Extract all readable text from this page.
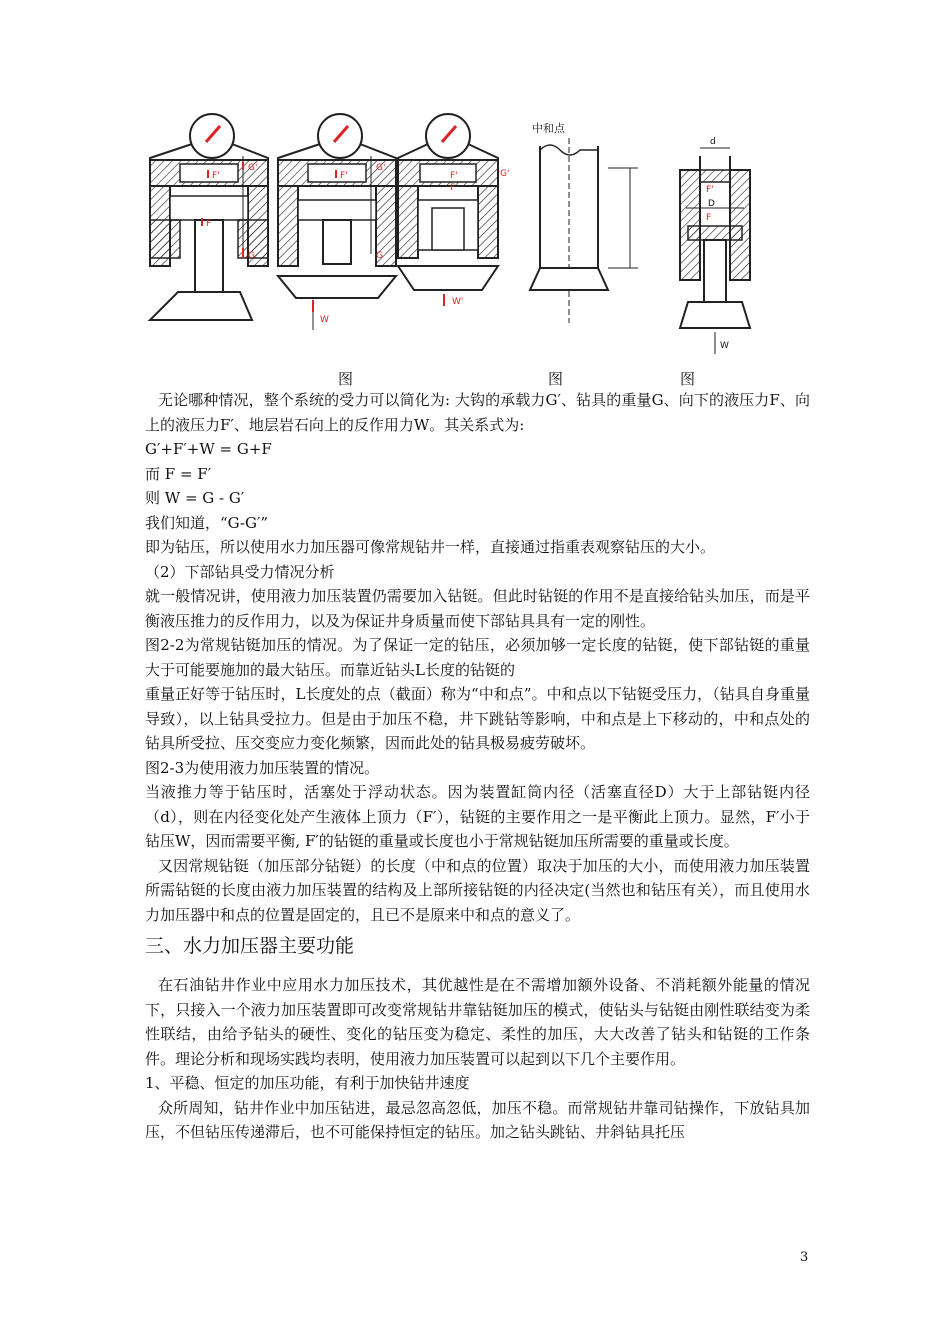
F'
F
G'
G
F'
G'
G
W
F'
F
G'
W'
中和点
d
D
F'
F
W
图	图	图

无论哪种情况，整个系统的受力可以简化为: 大钩的承载力G′、钻具的重量G、向下的液压力F、向上的液压力F′、地层岩石向上的反作用力W。其关系式为:

G′+F′+W = G+F

而 F = F′

则 W = G - G′

我们知道，“G-G′”

即为钻压，所以使用水力加压器可像常规钻井一样，直接通过指重表观察钻压的大小。

（2）下部钻具受力情况分析

就一般情况讲，使用液力加压装置仍需要加入钻铤。但此时钻铤的作用不是直接给钻头加压，而是平衡液压推力的反作用力，以及为保证井身质量而使下部钻具具有一定的刚性。

图2-2为常规钻铤加压的情况。为了保证一定的钻压，必须加够一定长度的钻铤，使下部钻铤的重量大于可能要施加的最大钻压。而靠近钻头L长度的钻铤的

重量正好等于钻压时，L长度处的点（截面）称为“中和点”。中和点以下钻铤受压力，（钻具自身重量导致），以上钻具受拉力。但是由于加压不稳，井下跳钻等影响，中和点是上下移动的，中和点处的钻具所受拉、压交变应力变化频繁，因而此处的钻具极易疲劳破坏。

图2-3为使用液力加压装置的情况。

当液推力等于钻压时，活塞处于浮动状态。因为装置缸筒内径（活塞直径D）大于上部钻铤内径（d），则在内径变化处产生液体上顶力（F′），钻铤的主要作用之一是平衡此上顶力。显然，F′小于钻压W，因而需要平衡, F′的钻铤的重量或长度也小于常规钻铤加压所需要的重量或长度。

又因常规钻铤（加压部分钻铤）的长度（中和点的位置）取决于加压的大小，而使用液力加压装置所需钻铤的长度由液力加压装置的结构及上部所接钻铤的内径决定(当然也和钻压有关），而且使用水力加压器中和点的位置是固定的，且已不是原来中和点的意义了。

三、水力加压器主要功能

在石油钻井作业中应用水力加压技术，其优越性是在不需增加额外设备、不消耗额外能量的情况下，只接入一个液力加压装置即可改变常规钻井靠钻铤加压的模式，使钻头与钻铤由刚性联结变为柔性联结，由给予钻头的硬性、变化的钻压变为稳定、柔性的加压，大大改善了钻头和钻铤的工作条件。理论分析和现场实践均表明，使用液力加压装置可以起到以下几个主要作用。

1、平稳、恒定的加压功能，有利于加快钻井速度

众所周知，钻井作业中加压钻进，最忌忽高忽低，加压不稳。而常规钻井靠司钻操作，下放钻具加压，不但钻压传递滞后，也不可能保持恒定的钻压。加之钻头跳钻、井斜钻具托压

3
